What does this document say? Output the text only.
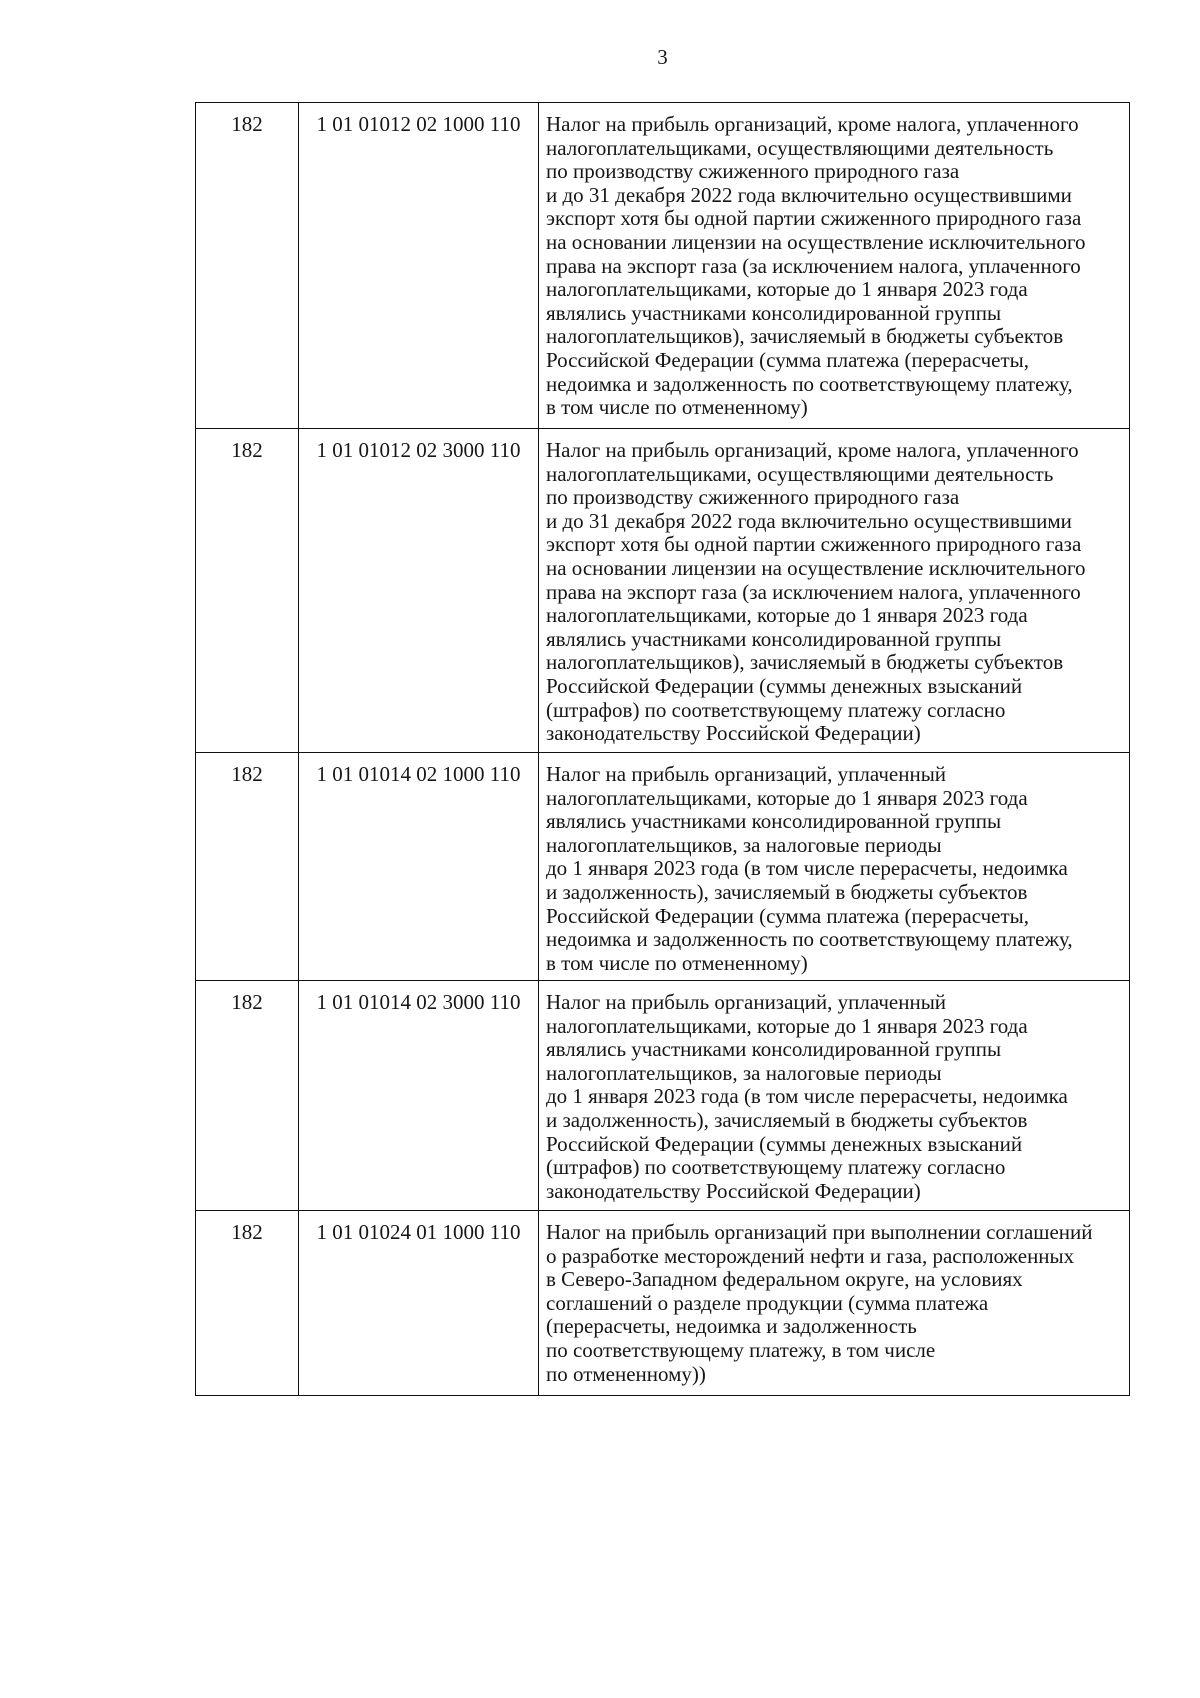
3
182	1 01 01012 02 1000 110	Налог на прибыль организаций, кроме налога, уплаченного
налогоплательщиками, осуществляющими деятельность
по производству сжиженного природного газа
и до 31 декабря 2022 года включительно осуществившими
экспорт хотя бы одной партии сжиженного природного газа
на основании лицензии на осуществление исключительного
права на экспорт газа (за исключением налога, уплаченного
налогоплательщиками, которые до 1 января 2023 года
являлись участниками консолидированной группы
налогоплательщиков), зачисляемый в бюджеты субъектов
Российской Федерации (сумма платежа (перерасчеты,
недоимка и задолженность по соответствующему платежу,
в том числе по отмененному)
182	1 01 01012 02 3000 110	Налог на прибыль организаций, кроме налога, уплаченного
налогоплательщиками, осуществляющими деятельность
по производству сжиженного природного газа
и до 31 декабря 2022 года включительно осуществившими
экспорт хотя бы одной партии сжиженного природного газа
на основании лицензии на осуществление исключительного
права на экспорт газа (за исключением налога, уплаченного
налогоплательщиками, которые до 1 января 2023 года
являлись участниками консолидированной группы
налогоплательщиков), зачисляемый в бюджеты субъектов
Российской Федерации (суммы денежных взысканий
(штрафов) по соответствующему платежу согласно
законодательству Российской Федерации)
182	1 01 01014 02 1000 110	Налог на прибыль организаций, уплаченный
налогоплательщиками, которые до 1 января 2023 года
являлись участниками консолидированной группы
налогоплательщиков, за налоговые периоды
до 1 января 2023 года (в том числе перерасчеты, недоимка
и задолженность), зачисляемый в бюджеты субъектов
Российской Федерации (сумма платежа (перерасчеты,
недоимка и задолженность по соответствующему платежу,
в том числе по отмененному)
182	1 01 01014 02 3000 110	Налог на прибыль организаций, уплаченный
налогоплательщиками, которые до 1 января 2023 года
являлись участниками консолидированной группы
налогоплательщиков, за налоговые периоды
до 1 января 2023 года (в том числе перерасчеты, недоимка
и задолженность), зачисляемый в бюджеты субъектов
Российской Федерации (суммы денежных взысканий
(штрафов) по соответствующему платежу согласно
законодательству Российской Федерации)
182	1 01 01024 01 1000 110	Налог на прибыль организаций при выполнении соглашений
о разработке месторождений нефти и газа, расположенных
в Северо-Западном федеральном округе, на условиях
соглашений о разделе продукции (сумма платежа
(перерасчеты, недоимка и задолженность
по соответствующему платежу, в том числе
по отмененному))
